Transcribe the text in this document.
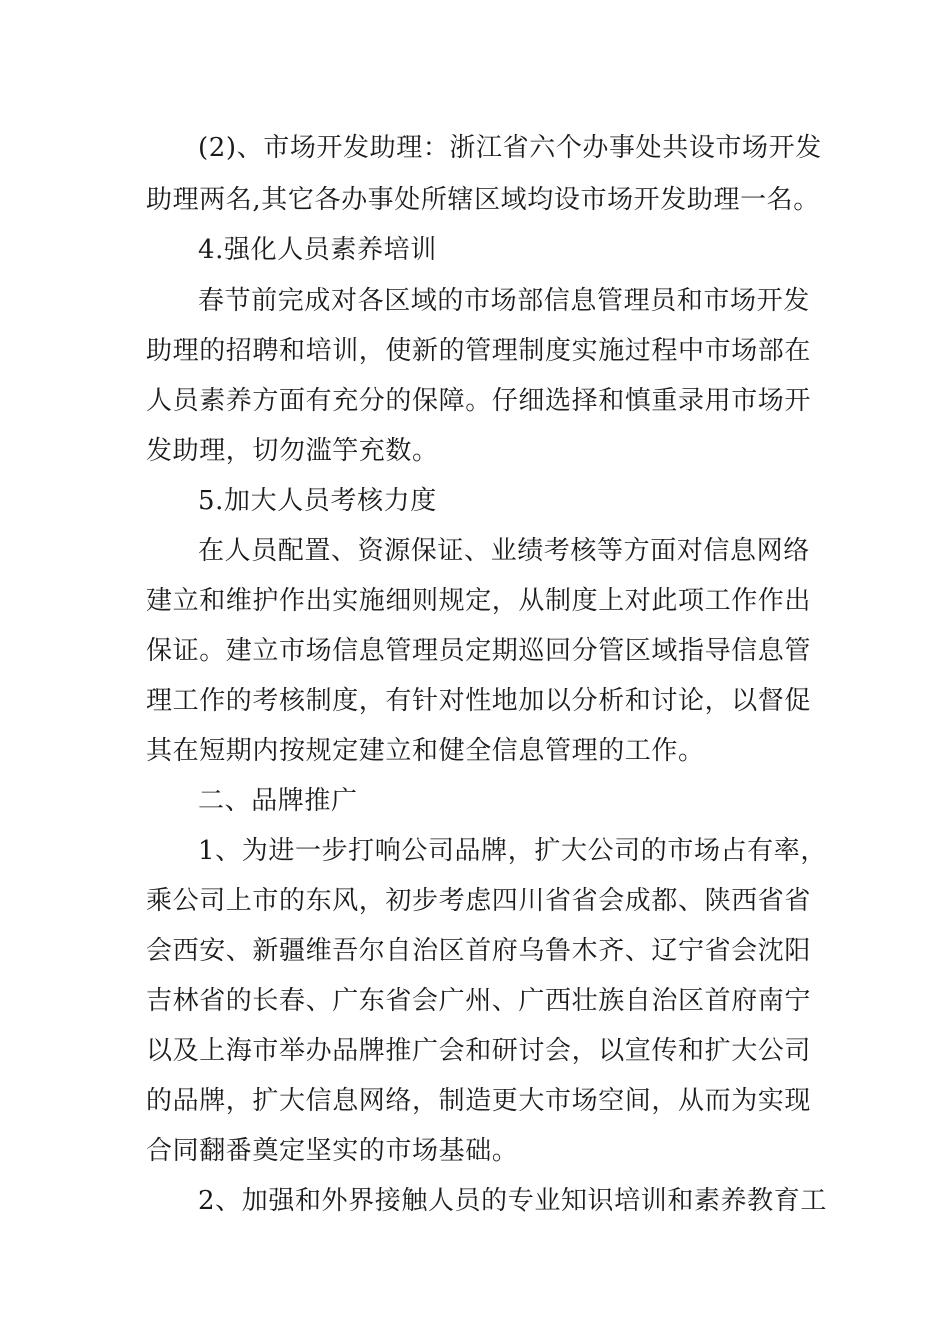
(2)、市场开发助理：浙江省六个办事处共设市场开发
助理两名,其它各办事处所辖区域均设市场开发助理一名。
4.强化人员素养培训
春节前完成对各区域的市场部信息管理员和市场开发
助理的招聘和培训，使新的管理制度实施过程中市场部在
人员素养方面有充分的保障。仔细选择和慎重录用市场开
发助理，切勿滥竽充数。
5.加大人员考核力度
在人员配置、资源保证、业绩考核等方面对信息网络
建立和维护作出实施细则规定，从制度上对此项工作作出
保证。建立市场信息管理员定期巡回分管区域指导信息管
理工作的考核制度，有针对性地加以分析和讨论，以督促
其在短期内按规定建立和健全信息管理的工作。
二、品牌推广
1、为进一步打响公司品牌，扩大公司的市场占有率，
乘公司上市的东风，初步考虑四川省省会成都、陕西省省
会西安、新疆维吾尔自治区首府乌鲁木齐、辽宁省会沈阳
吉林省的长春、广东省会广州、广西壮族自治区首府南宁
以及上海市举办品牌推广会和研讨会，以宣传和扩大公司
的品牌，扩大信息网络，制造更大市场空间，从而为实现
合同翻番奠定坚实的市场基础。
2、加强和外界接触人员的专业知识培训和素养教育工
